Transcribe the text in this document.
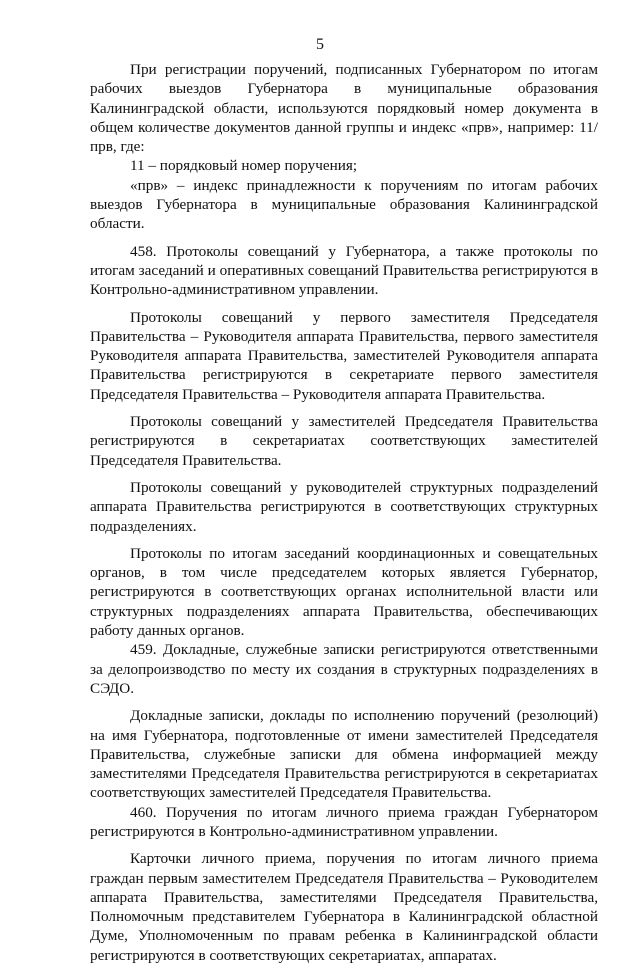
5

При регистрации поручений, подписанных Губернатором по итогам рабочих выездов Губернатора в муниципальные образования Калининградской области, используются порядковый номер документа в общем количестве документов данной группы и индекс «прв», например: 11/прв, где:

11 – порядковый номер поручения;

«прв» – индекс принадлежности к поручениям по итогам рабочих выездов Губернатора в муниципальные образования Калининградской области.

458. Протоколы совещаний у Губернатора, а также протоколы по итогам заседаний и оперативных совещаний Правительства регистрируются в Контрольно-административном управлении.

Протоколы совещаний у первого заместителя Председателя Правительства – Руководителя аппарата Правительства, первого заместителя Руководителя аппарата Правительства, заместителей Руководителя аппарата Правительства регистрируются в секретариате первого заместителя Председателя Правительства – Руководителя аппарата Правительства.

Протоколы совещаний у заместителей Председателя Правительства регистрируются в секретариатах соответствующих заместителей Председателя Правительства.

Протоколы совещаний у руководителей структурных подразделений аппарата Правительства регистрируются в соответствующих структурных подразделениях.

Протоколы по итогам заседаний координационных и совещательных органов, в том числе председателем которых является Губернатор, регистрируются в соответствующих органах исполнительной власти или структурных подразделениях аппарата Правительства, обеспечивающих работу данных органов.

459. Докладные, служебные записки регистрируются ответственными за делопроизводство по месту их создания в структурных подразделениях в СЭДО.

Докладные записки, доклады по исполнению поручений (резолюций) на имя Губернатора, подготовленные от имени заместителей Председателя Правительства, служебные записки для обмена информацией между заместителями Председателя Правительства регистрируются в секретариатах соответствующих заместителей Председателя Правительства.

460. Поручения по итогам личного приема граждан Губернатором регистрируются в Контрольно-административном управлении.

Карточки личного приема, поручения по итогам личного приема граждан первым заместителем Председателя Правительства – Руководителем аппарата Правительства, заместителями Председателя Правительства, Полномочным представителем Губернатора в Калининградской областной Думе, Уполномоченным по правам ребенка в Калининградской области регистрируются в соответствующих секретариатах, аппаратах.
